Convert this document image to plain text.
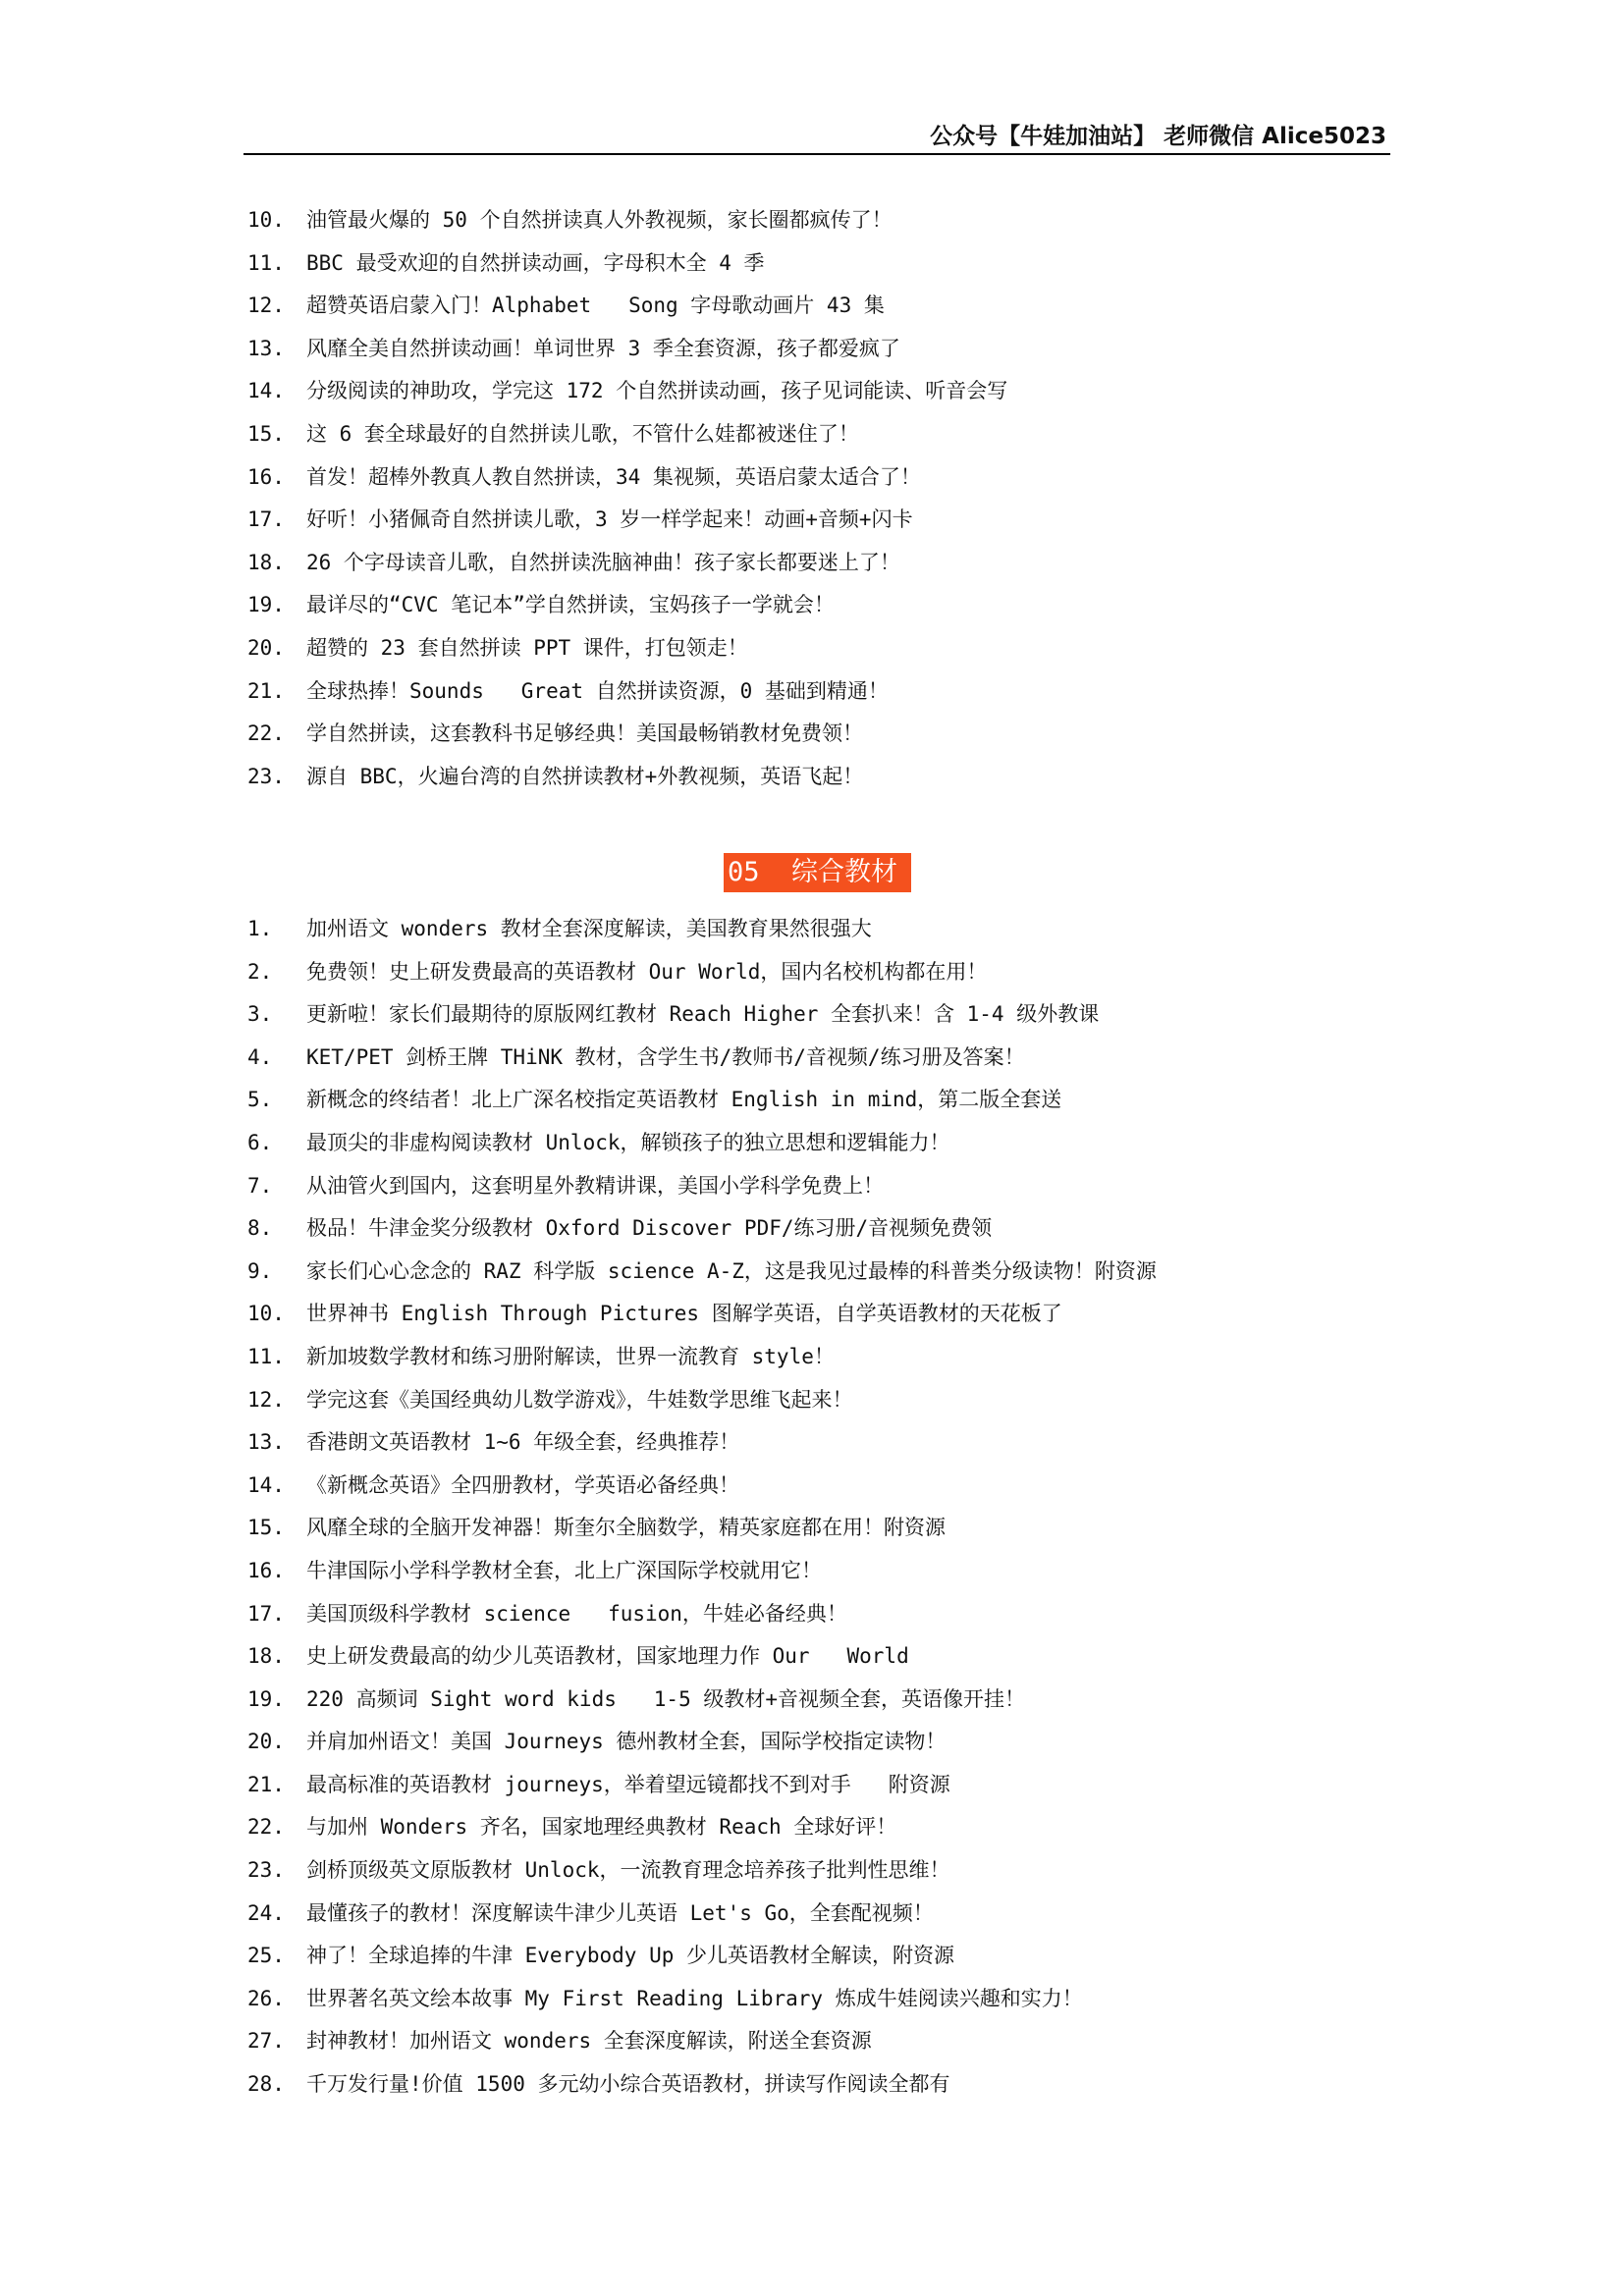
公众号【牛娃加油站】 老师微信 Alice5023
10. 油管最火爆的 50 个自然拼读真人外教视频，家长圈都疯传了！
11. BBC 最受欢迎的自然拼读动画，字母积木全 4 季
12. 超赞英语启蒙入门！Alphabet   Song 字母歌动画片 43 集
13. 风靡全美自然拼读动画！单词世界 3 季全套资源，孩子都爱疯了
14. 分级阅读的神助攻，学完这 172 个自然拼读动画，孩子见词能读、听音会写
15. 这 6 套全球最好的自然拼读儿歌，不管什么娃都被迷住了！
16. 首发！超棒外教真人教自然拼读，34 集视频，英语启蒙太适合了！
17. 好听！小猪佩奇自然拼读儿歌，3 岁一样学起来！动画+音频+闪卡
18. 26 个字母读音儿歌，自然拼读洗脑神曲！孩子家长都要迷上了！
19. 最详尽的“CVC 笔记本”学自然拼读，宝妈孩子一学就会！
20. 超赞的 23 套自然拼读 PPT 课件，打包领走！
21. 全球热捧！Sounds   Great 自然拼读资源，0 基础到精通！
22. 学自然拼读，这套教科书足够经典！美国最畅销教材免费领！
23. 源自 BBC，火遍台湾的自然拼读教材+外教视频，英语飞起！
05  综合教材
1. 加州语文 wonders 教材全套深度解读，美国教育果然很强大
2. 免费领！史上研发费最高的英语教材 Our World，国内名校机构都在用！
3. 更新啦！家长们最期待的原版网红教材 Reach Higher 全套扒来！含 1-4 级外教课
4. KET/PET 剑桥王牌 THiNK 教材，含学生书/教师书/音视频/练习册及答案！
5. 新概念的终结者！北上广深名校指定英语教材 English in mind，第二版全套送
6. 最顶尖的非虚构阅读教材 Unlock，解锁孩子的独立思想和逻辑能力！
7. 从油管火到国内，这套明星外教精讲课，美国小学科学免费上！
8. 极品！牛津金奖分级教材 Oxford Discover PDF/练习册/音视频免费领
9. 家长们心心念念的 RAZ 科学版 science A-Z，这是我见过最棒的科普类分级读物！附资源
10. 世界神书 English Through Pictures 图解学英语，自学英语教材的天花板了
11. 新加坡数学教材和练习册附解读，世界一流教育 style！
12. 学完这套《美国经典幼儿数学游戏》，牛娃数学思维飞起来！
13. 香港朗文英语教材 1~6 年级全套，经典推荐！
14. 《新概念英语》全四册教材，学英语必备经典！
15. 风靡全球的全脑开发神器！斯奎尔全脑数学，精英家庭都在用！附资源
16. 牛津国际小学科学教材全套，北上广深国际学校就用它！
17. 美国顶级科学教材 science   fusion，牛娃必备经典！
18. 史上研发费最高的幼少儿英语教材，国家地理力作 Our   World
19. 220 高频词 Sight word kids   1-5 级教材+音视频全套，英语像开挂！
20. 并肩加州语文！美国 Journeys 德州教材全套，国际学校指定读物！
21. 最高标准的英语教材 journeys，举着望远镜都找不到对手   附资源
22. 与加州 Wonders 齐名，国家地理经典教材 Reach 全球好评！
23. 剑桥顶级英文原版教材 Unlock，一流教育理念培养孩子批判性思维！
24. 最懂孩子的教材！深度解读牛津少儿英语 Let's Go，全套配视频！
25. 神了！全球追捧的牛津 Everybody Up 少儿英语教材全解读，附资源
26. 世界著名英文绘本故事 My First Reading Library 炼成牛娃阅读兴趣和实力！
27. 封神教材！加州语文 wonders 全套深度解读，附送全套资源
28. 千万发行量!价值 1500 多元幼小综合英语教材，拼读写作阅读全都有
